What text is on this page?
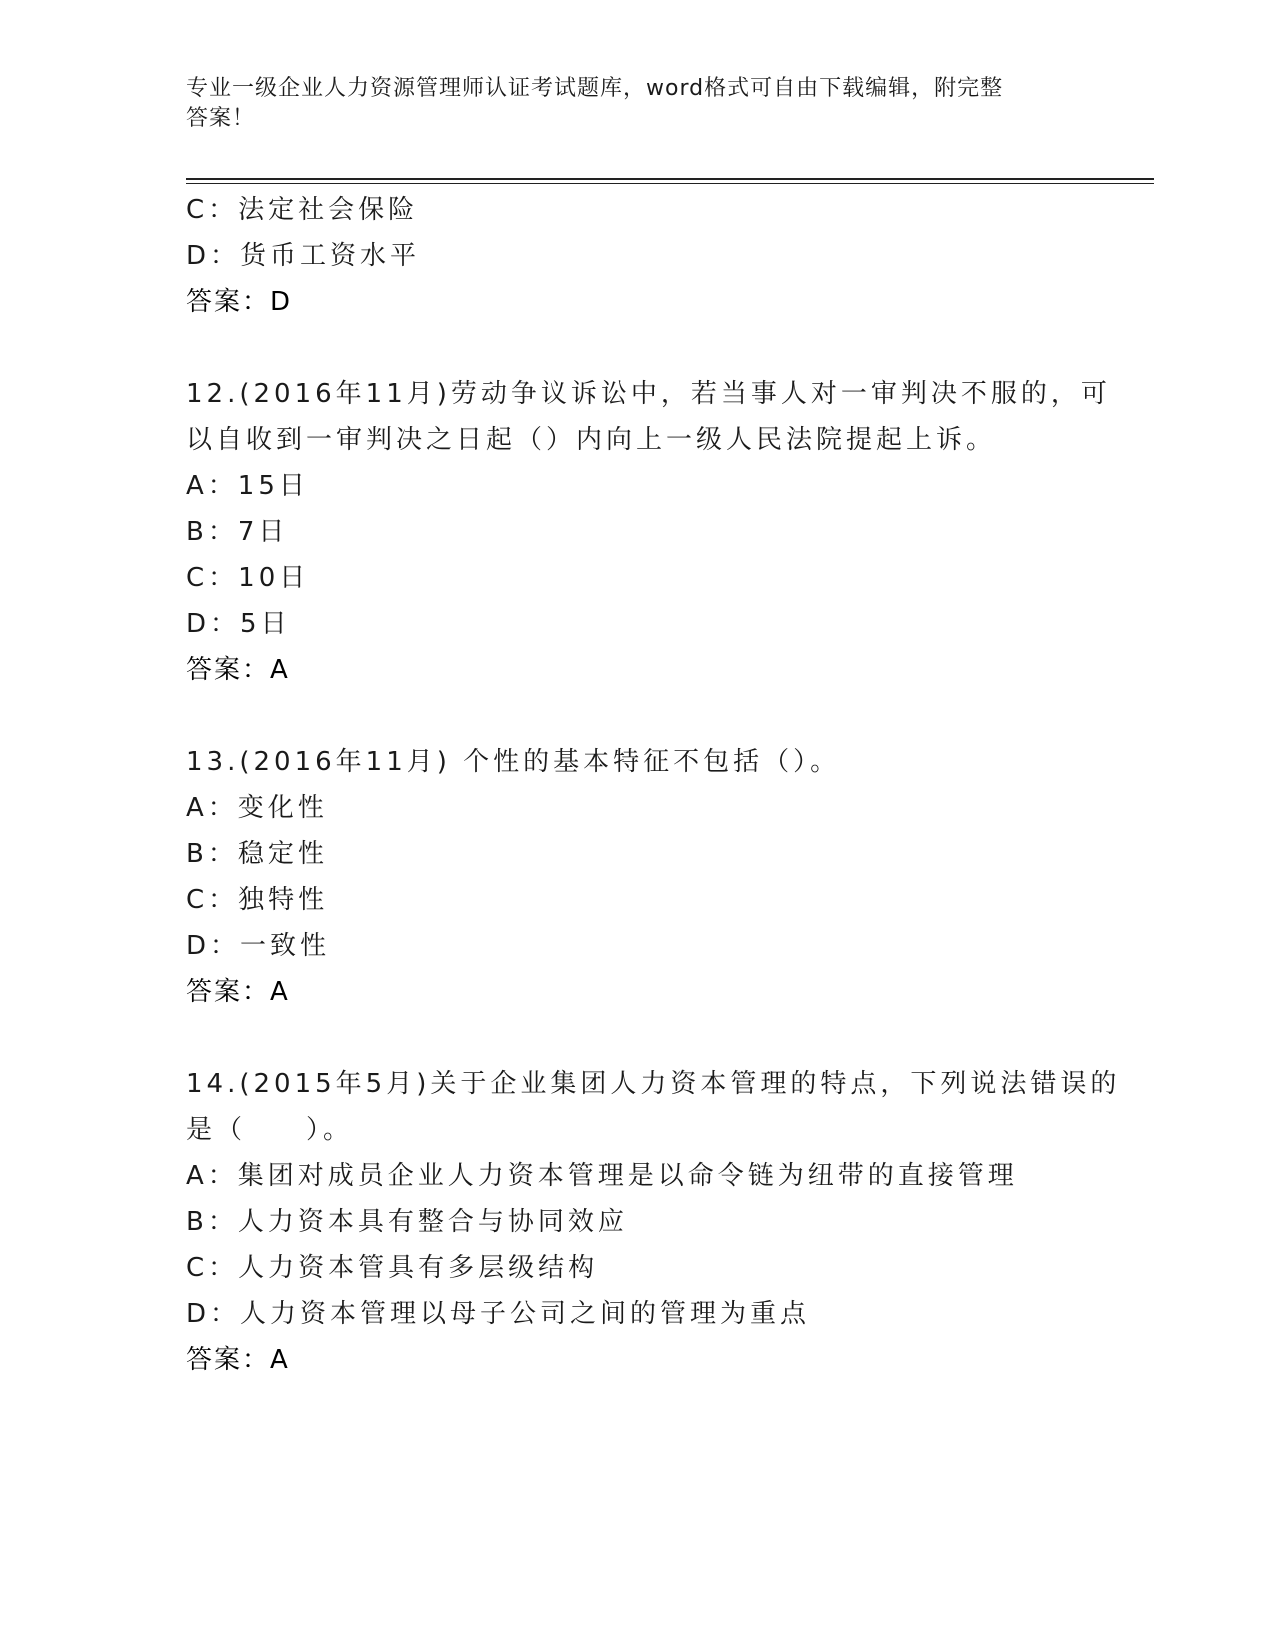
专业一级企业人力资源管理师认证考试题库，word格式可自由下载编辑，附完整
答案！
C：法定社会保险
D：货币工资水平
答案：D
12.(2016年11月)劳动争议诉讼中，若当事人对一审判决不服的，可
以自收到一审判决之日起（）内向上一级人民法院提起上诉。
A：15日
B：7日
C：10日
D：5日
答案：A
13.(2016年11月) 个性的基本特征不包括（）。
A：变化性
B：稳定性
C：独特性
D：一致性
答案：A
14.(2015年5月)关于企业集团人力资本管理的特点，下列说法错误的
是（　　）。
A：集团对成员企业人力资本管理是以命令链为纽带的直接管理
B：人力资本具有整合与协同效应
C：人力资本管具有多层级结构
D：人力资本管理以母子公司之间的管理为重点
答案：A
